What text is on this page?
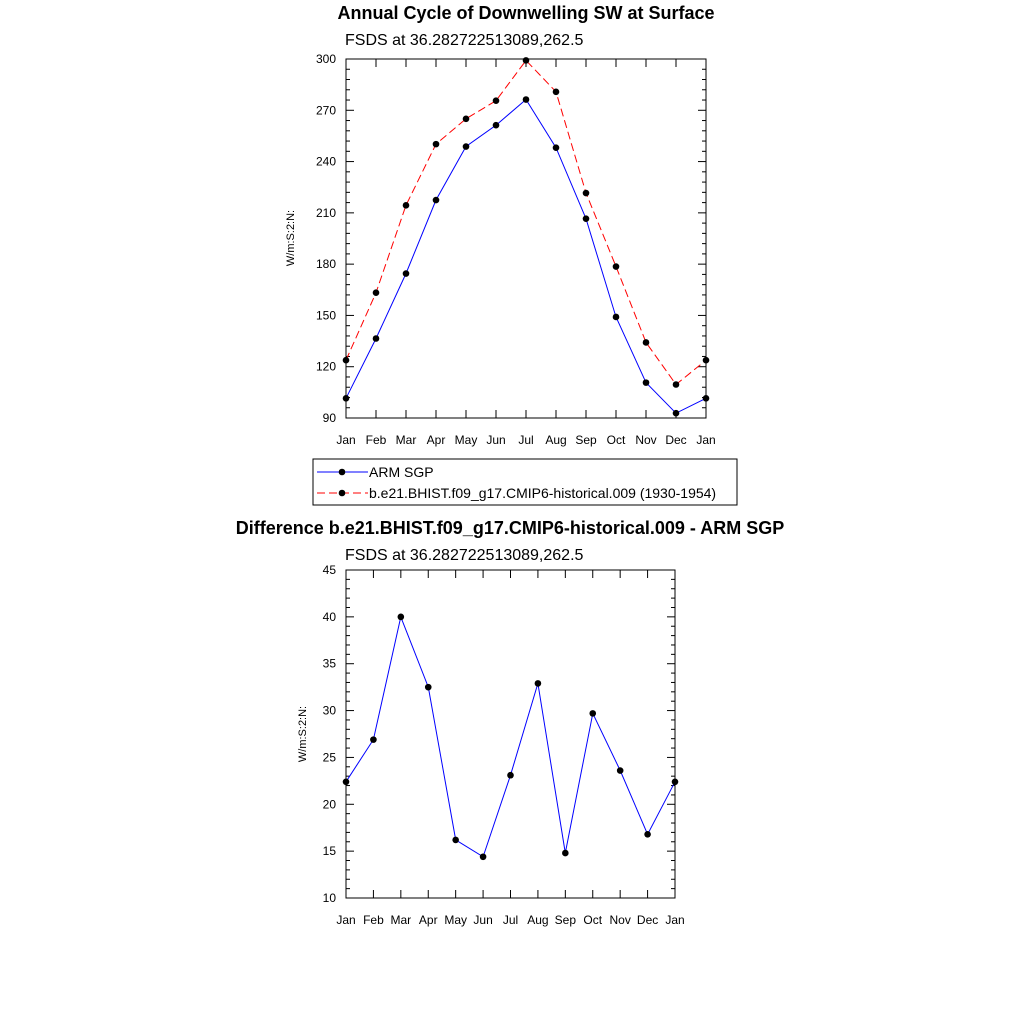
Annual Cycle of Downwelling SW at Surface
FSDS at 36.282722513089,262.5
90
120
150
180
210
240
270
300
Jan Feb Mar Apr May Jun Jul Aug Sep Oct Nov Dec Jan
W/m:S:2:N:
ARM SGP
b.e21.BHIST.f09_g17.CMIP6-historical.009 (1930-1954)
Difference b.e21.BHIST.f09_g17.CMIP6-historical.009 - ARM SGP
FSDS at 36.282722513089,262.5
10
15
20
25
30
35
40
45
Jan Feb Mar Apr May Jun Jul Aug Sep Oct Nov Dec Jan
W/m:S:2:N:
